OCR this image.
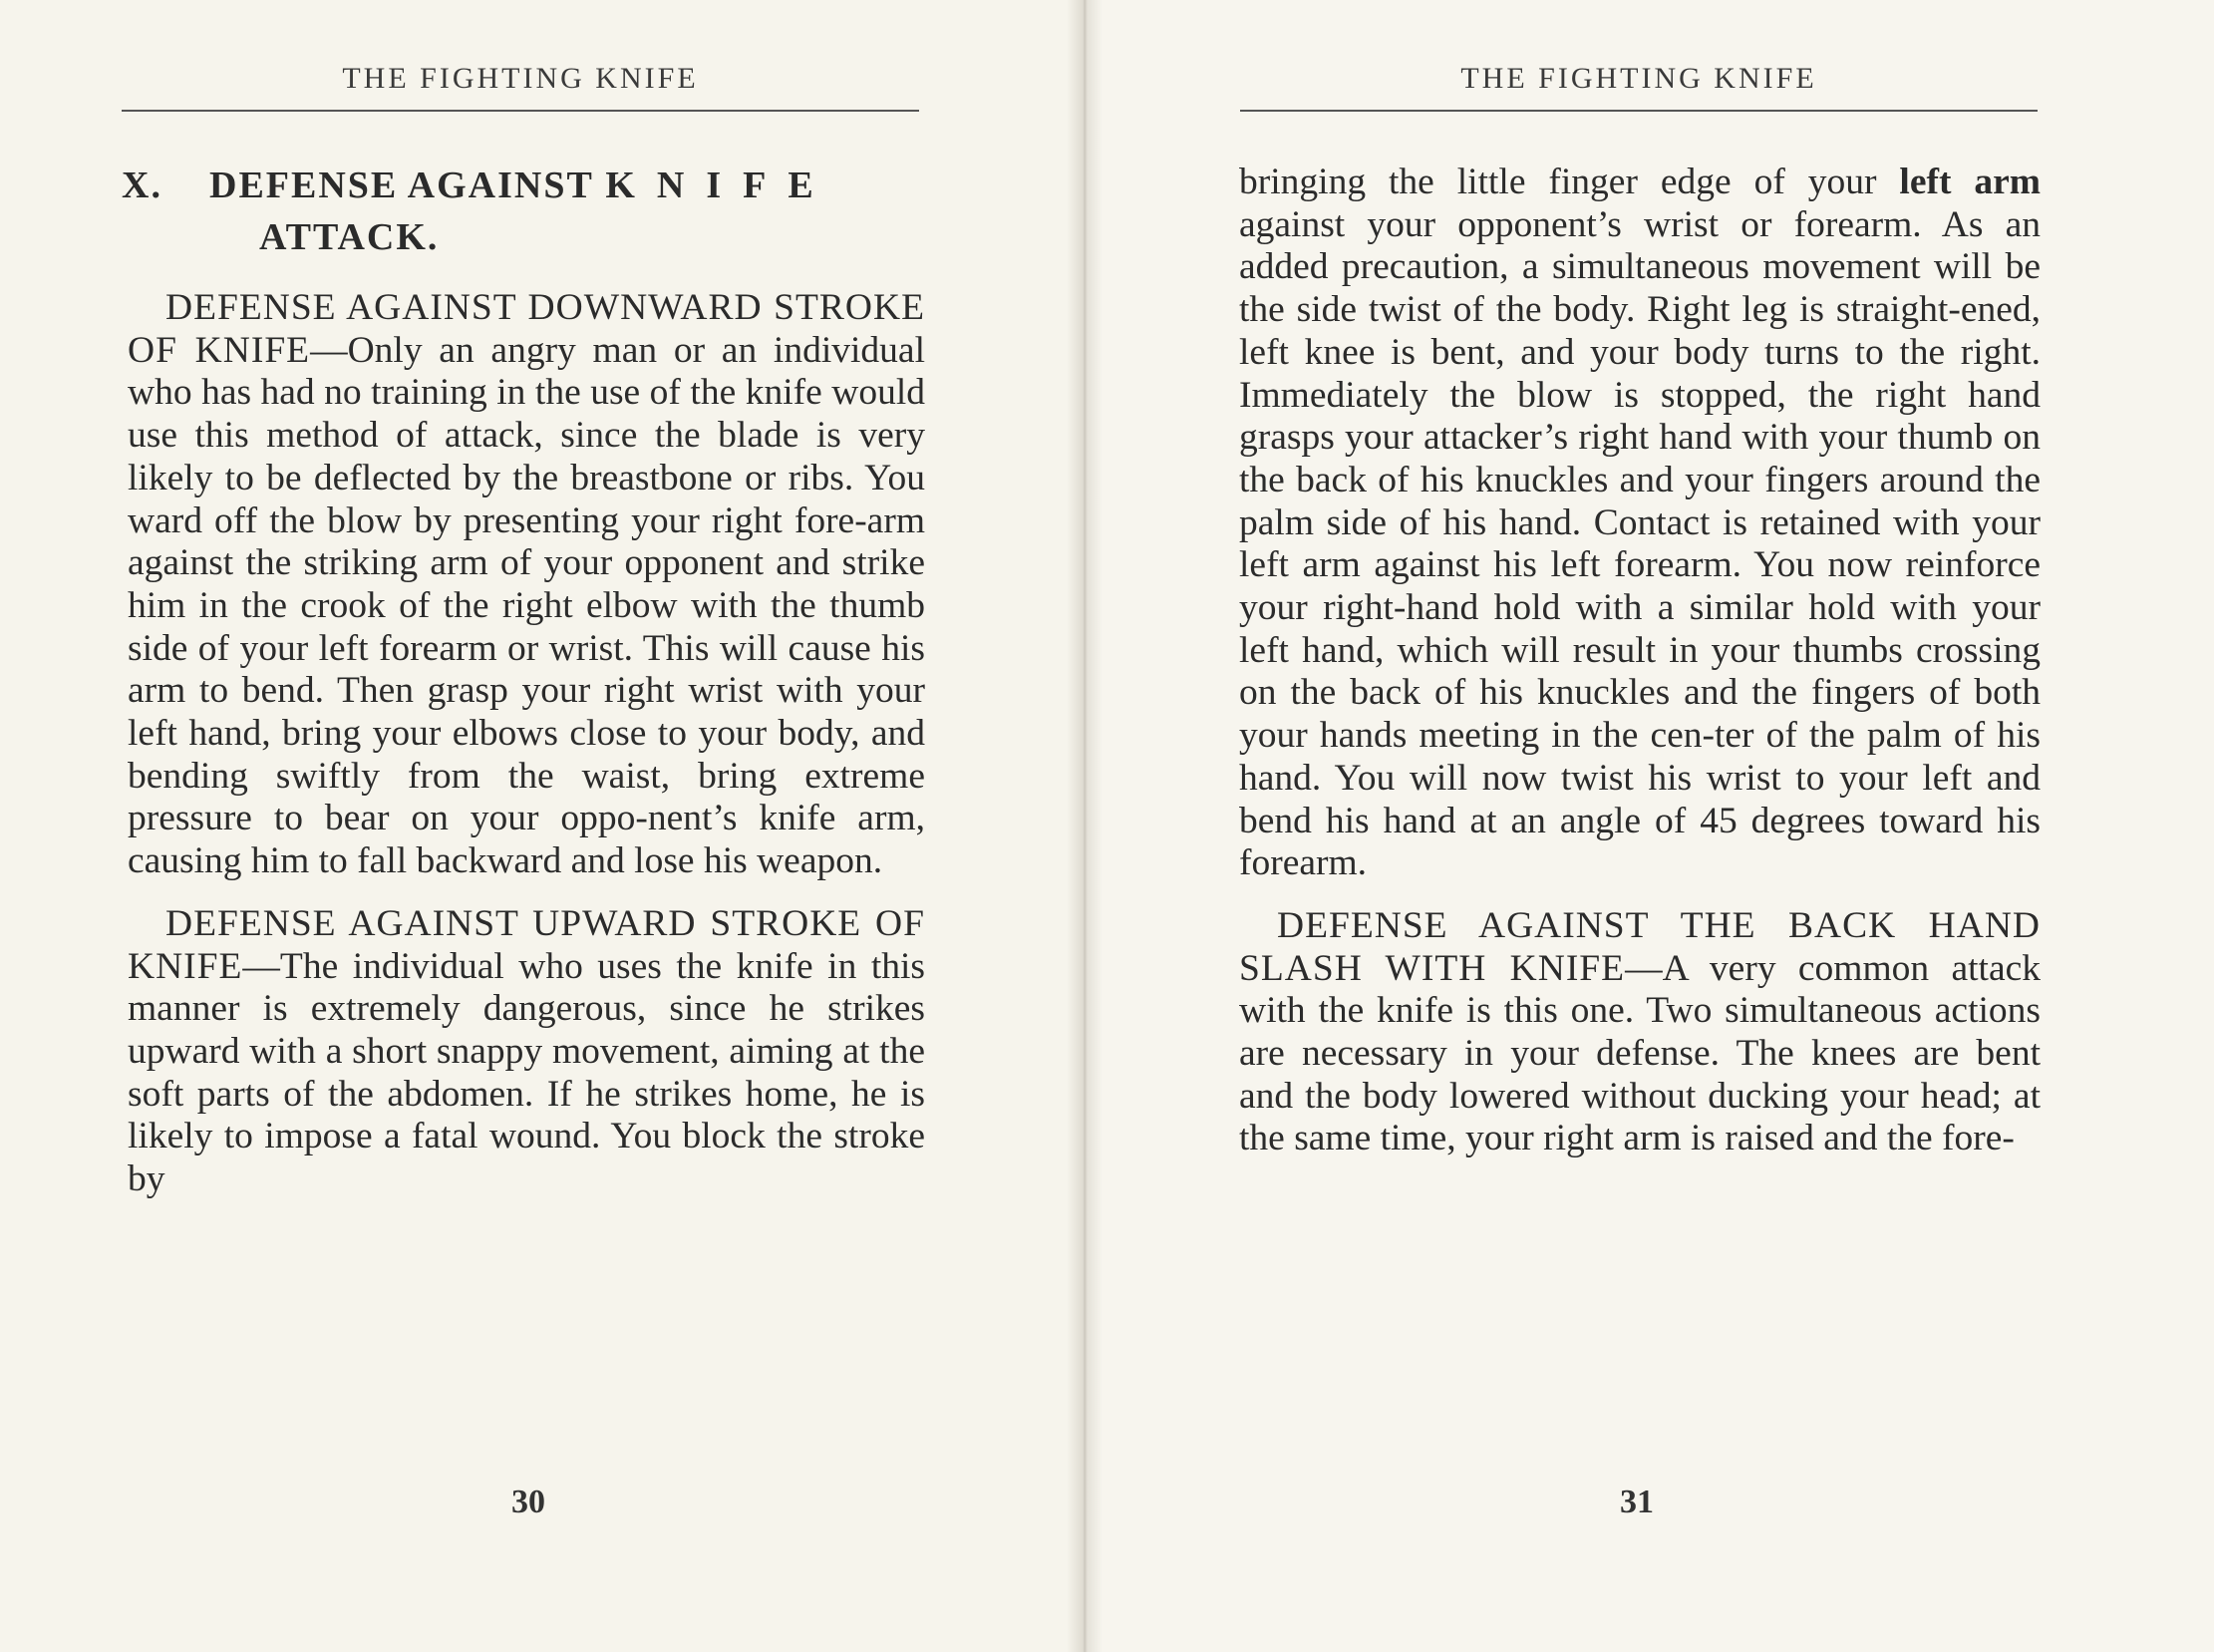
THE FIGHTING KNIFE
X. DEFENSE AGAINST KNIFE
ATTACK.

DEFENSE AGAINST DOWNWARD STROKE OF KNIFE—Only an angry man or an individual who has had no training in the use of the knife would use this method of attack, since the blade is very likely to be deflected by the breastbone or ribs. You ward off the blow by presenting your right fore-arm against the striking arm of your opponent and strike him in the crook of the right elbow with the thumb side of your left forearm or wrist. This will cause his arm to bend. Then grasp your right wrist with your left hand, bring your elbows close to your body, and bending swiftly from the waist, bring extreme pressure to bear on your oppo-nent’s knife arm, causing him to fall backward and lose his weapon.

DEFENSE AGAINST UPWARD STROKE OF KNIFE—The individual who uses the knife in this manner is extremely dangerous, since he strikes upward with a short snappy movement, aiming at the soft parts of the abdomen. If he strikes home, he is likely to impose a fatal wound. You block the stroke by

30
THE FIGHTING KNIFE

bringing the little finger edge of your left arm against your opponent’s wrist or forearm. As an added precaution, a simultaneous movement will be the side twist of the body. Right leg is straight-ened, left knee is bent, and your body turns to the right. Immediately the blow is stopped, the right hand grasps your attacker’s right hand with your thumb on the back of his knuckles and your fingers around the palm side of his hand. Contact is retained with your left arm against his left forearm. You now reinforce your right-hand hold with a similar hold with your left hand, which will result in your thumbs crossing on the back of his knuckles and the fingers of both your hands meeting in the cen-ter of the palm of his hand. You will now twist his wrist to your left and bend his hand at an angle of 45 degrees toward his forearm.

DEFENSE AGAINST THE BACK HAND SLASH WITH KNIFE—A very common attack with the knife is this one. Two simultaneous actions are necessary in your defense. The knees are bent and the body lowered without ducking your head; at the same time, your right arm is raised and the fore-

31
